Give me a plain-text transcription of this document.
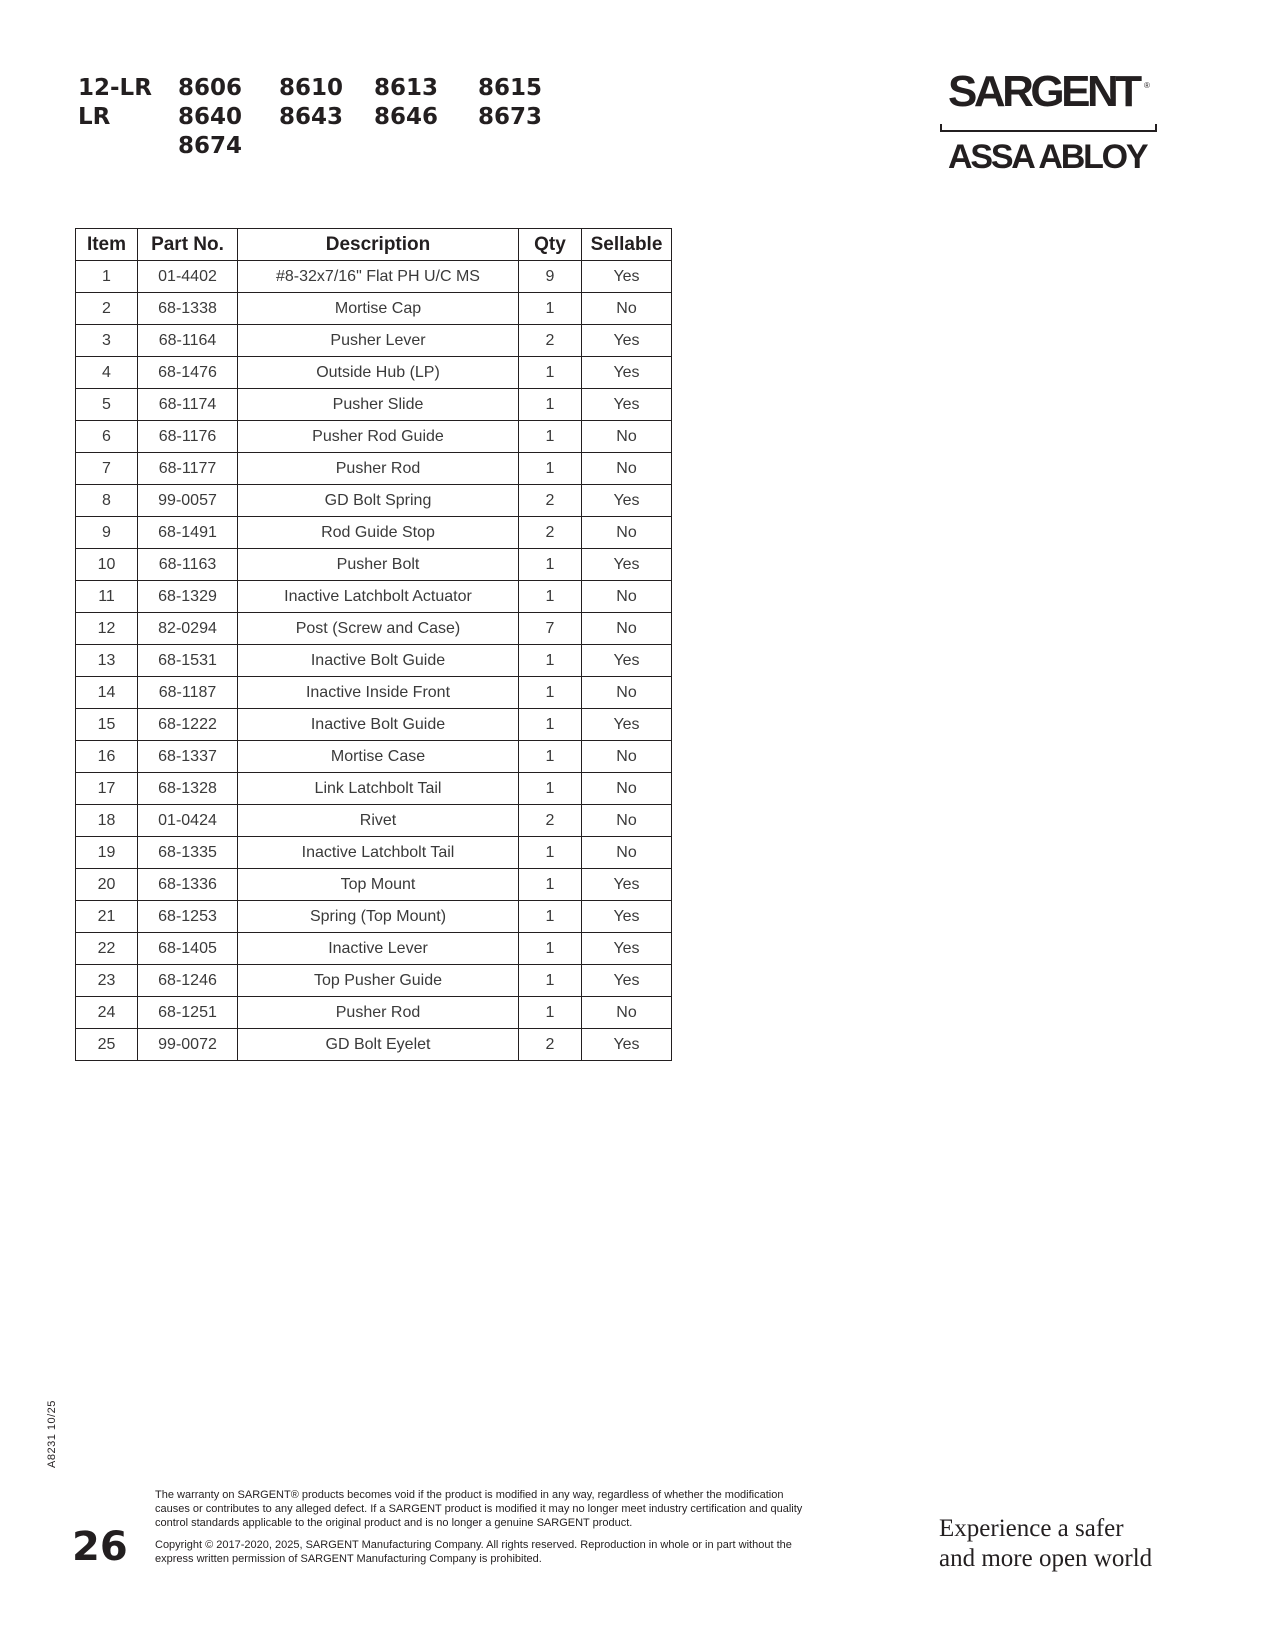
12-LR	8606	8610	8613	8615
LR	8640	8643	8646	8673
8674
SARGENT ®
ASSA ABLOY
Item	Part No.	Description	Qty	Sellable
1	01-4402	#8-32x7/16" Flat PH U/C MS	9	Yes
2	68-1338	Mortise Cap	1	No
3	68-1164	Pusher Lever	2	Yes
4	68-1476	Outside Hub (LP)	1	Yes
5	68-1174	Pusher Slide	1	Yes
6	68-1176	Pusher Rod Guide	1	No
7	68-1177	Pusher Rod	1	No
8	99-0057	GD Bolt Spring	2	Yes
9	68-1491	Rod Guide Stop	2	No
10	68-1163	Pusher Bolt	1	Yes
11	68-1329	Inactive Latchbolt Actuator	1	No
12	82-0294	Post (Screw and Case)	7	No
13	68-1531	Inactive Bolt Guide	1	Yes
14	68-1187	Inactive Inside Front	1	No
15	68-1222	Inactive Bolt Guide	1	Yes
16	68-1337	Mortise Case	1	No
17	68-1328	Link Latchbolt Tail	1	No
18	01-0424	Rivet	2	No
19	68-1335	Inactive Latchbolt Tail	1	No
20	68-1336	Top Mount	1	Yes
21	68-1253	Spring (Top Mount)	1	Yes
22	68-1405	Inactive Lever	1	Yes
23	68-1246	Top Pusher Guide	1	Yes
24	68-1251	Pusher Rod	1	No
25	99-0072	GD Bolt Eyelet	2	Yes
A8231 10/25
26

The warranty on SARGENT® products becomes void if the product is modified in any way, regardless of whether the modification causes or contributes to any alleged defect. If a SARGENT product is modified it may no longer meet industry certification and quality control standards applicable to the original product and is no longer a genuine SARGENT product.

Copyright © 2017-2020, 2025, SARGENT Manufacturing Company. All rights reserved. Reproduction in whole or in part without the express written permission of SARGENT Manufacturing Company is prohibited.

Experience a safer
and more open world
